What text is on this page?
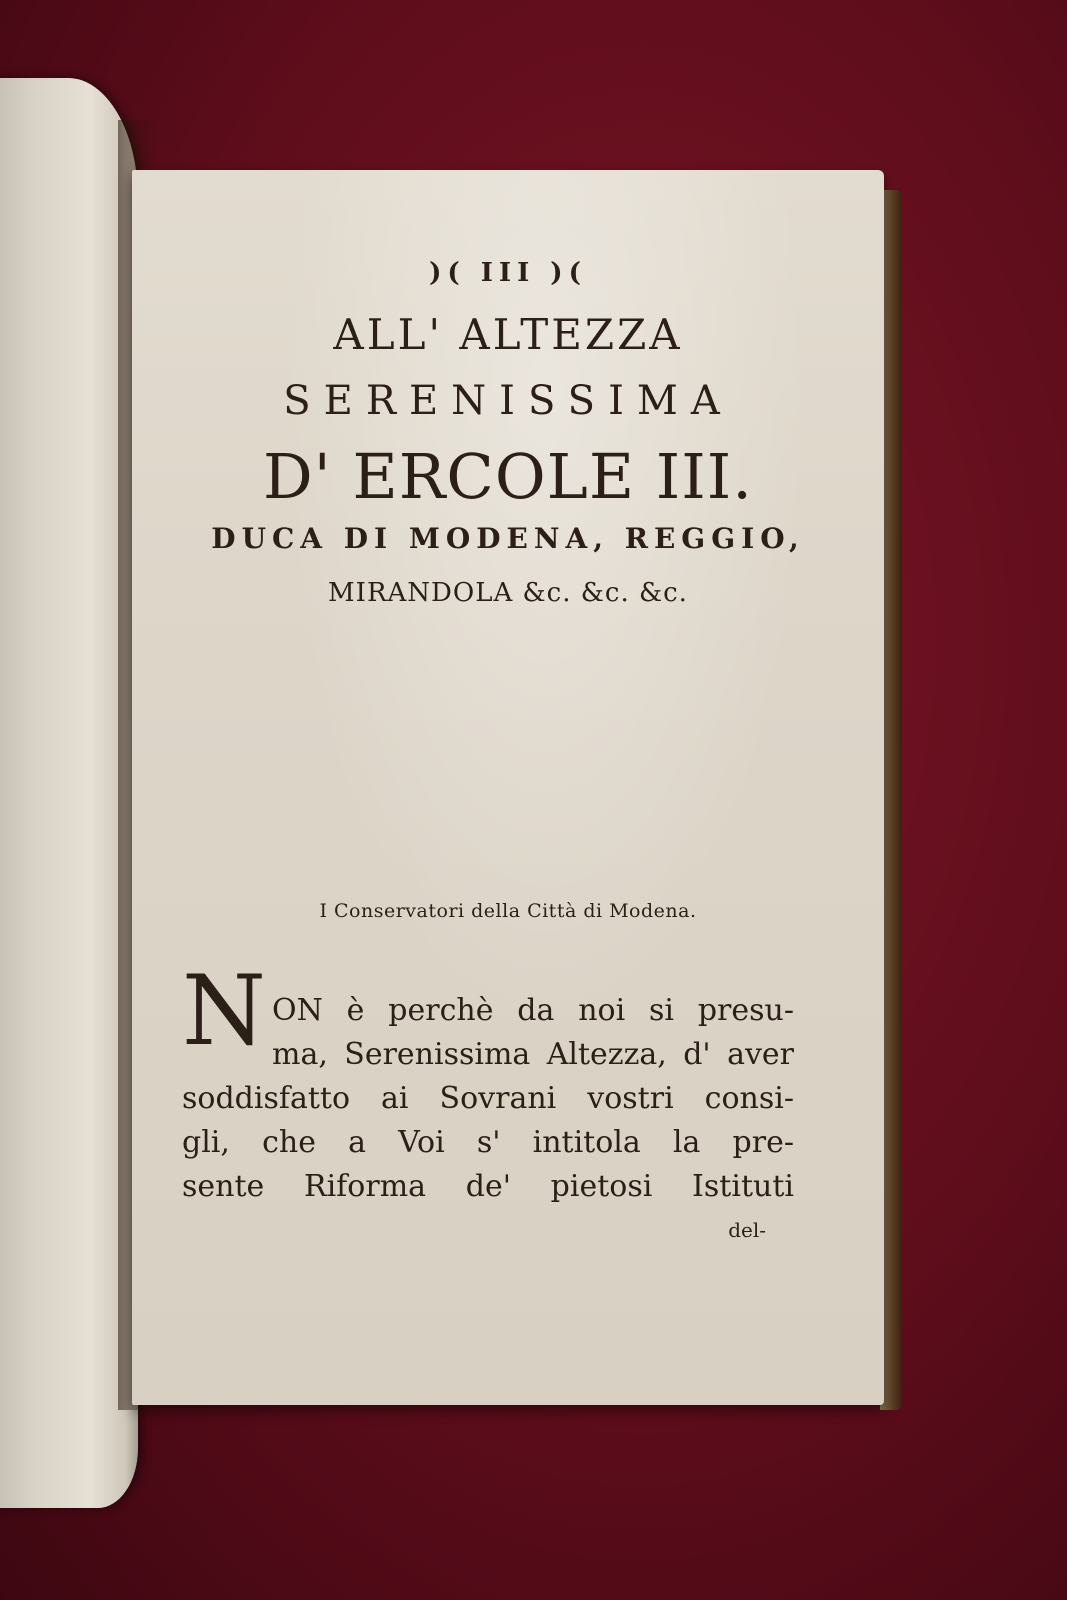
)( III )(
ALL' ALTEZZA
SERENISSIMA
D' ERCOLE III.
DUCA DI MODENA, REGGIO,
MIRANDOLA &c. &c. &c.
I Conservatori della Città di Modena.
N ON è perchè da noi si presu-
ma, Serenissima Altezza, d' aver
soddisfatto ai Sovrani vostri consi-
gli, che a Voi s' intitola la pre-
sente Riforma de' pietosi Istituti
del-
